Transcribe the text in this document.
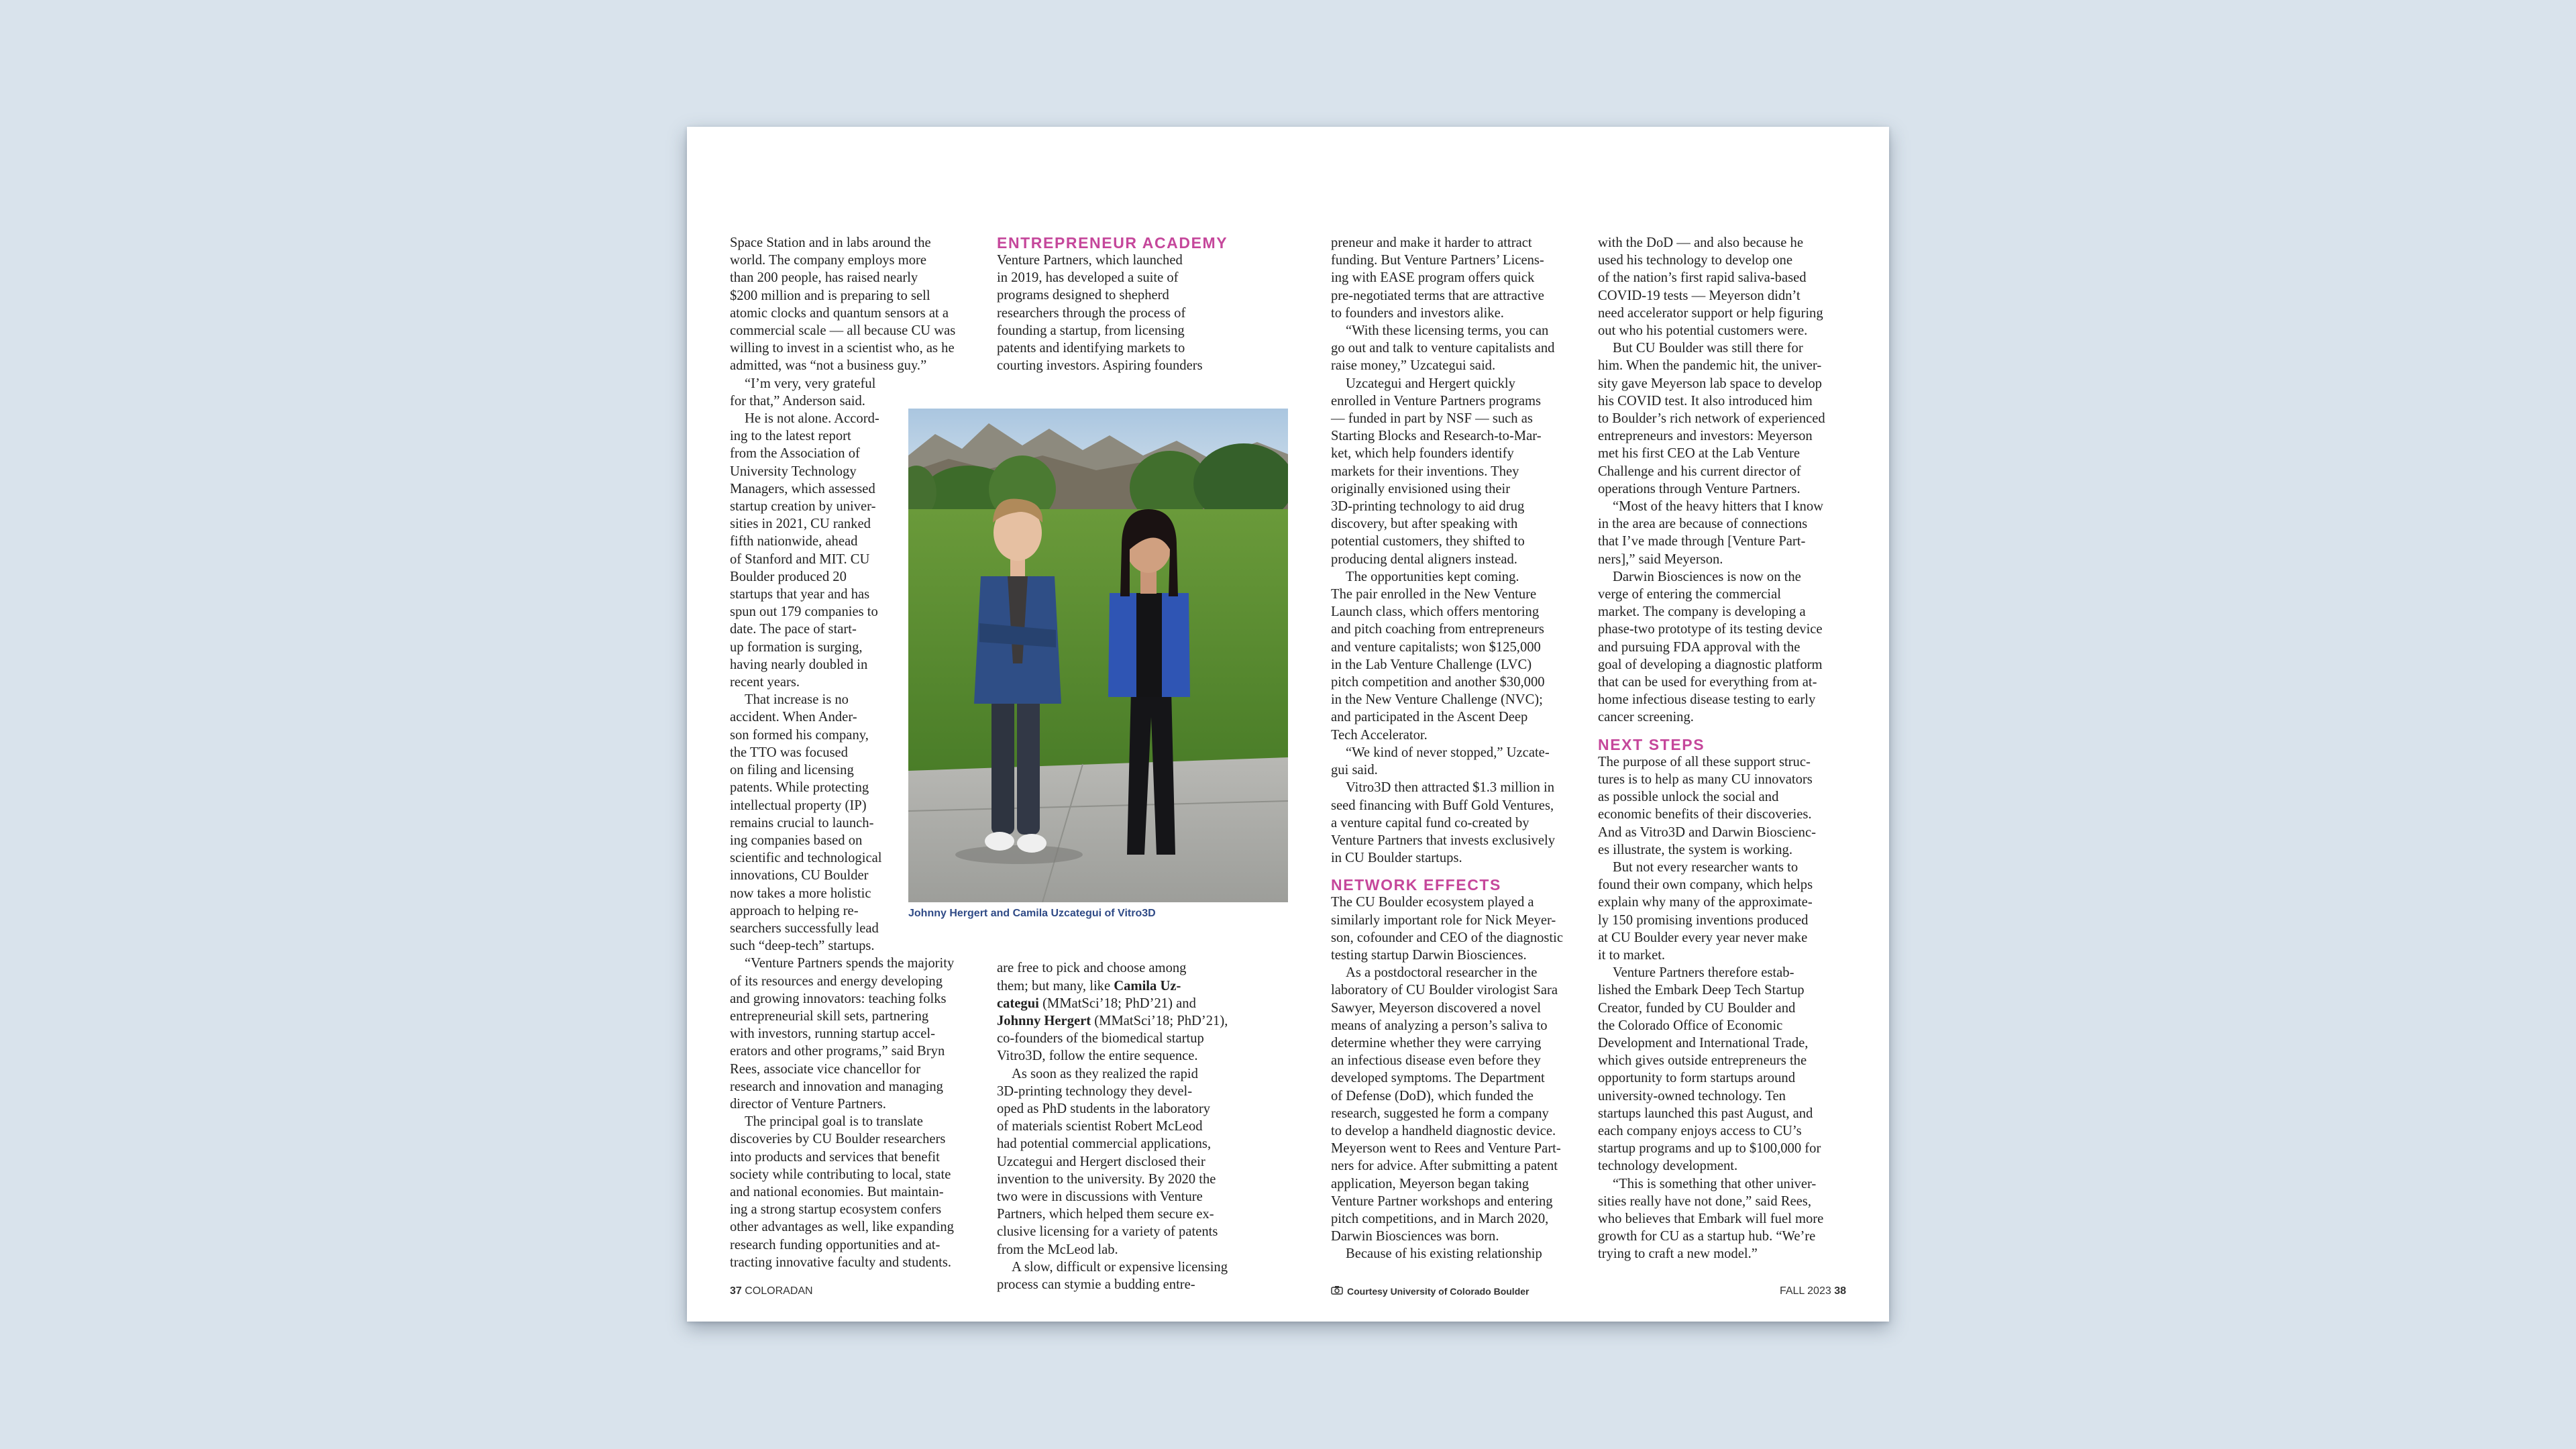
Space Station and in labs around the
world. The company employs more
than 200 people, has raised nearly
$200 million and is preparing to sell
atomic clocks and quantum sensors at a
commercial scale — all because CU was
willing to invest in a scientist who, as he
admitted, was “not a business guy.”

“I’m very, very grateful
for that,” Anderson said.

He is not alone. Accord-
ing to the latest report
from the Association of
University Technology
Managers, which assessed
startup creation by univer-
sities in 2021, CU ranked
fifth nationwide, ahead
of Stanford and MIT. CU
Boulder produced 20
startups that year and has
spun out 179 companies to
date. The pace of start-
up formation is surging,
having nearly doubled in
recent years.

That increase is no
accident. When Ander-
son formed his company,
the TTO was focused
on filing and licensing
patents. While protecting
intellectual property (IP)
remains crucial to launch-
ing companies based on
scientific and technological
innovations, CU Boulder
now takes a more holistic
approach to helping re-
searchers successfully lead
such “deep-tech” startups.

“Venture Partners spends the majority
of its resources and energy developing
and growing innovators: teaching folks
entrepreneurial skill sets, partnering
with investors, running startup accel-
erators and other programs,” said Bryn
Rees, associate vice chancellor for
research and innovation and managing
director of Venture Partners.

The principal goal is to translate
discoveries by CU Boulder researchers
into products and services that benefit
society while contributing to local, state
and national economies. But maintain-
ing a strong startup ecosystem confers
other advantages as well, like expanding
research funding opportunities and at-
tracting innovative faculty and students.

ENTREPRENEUR ACADEMY

Venture Partners, which launched
in 2019, has developed a suite of
programs designed to shepherd
researchers through the process of
founding a startup, from licensing
patents and identifying markets to
courting investors. Aspiring founders

are free to pick and choose among
them; but many, like Camila Uz-
categui (MMatSci’18; PhD’21) and
Johnny Hergert (MMatSci’18; PhD’21),
co-founders of the biomedical startup
Vitro3D, follow the entire sequence.

As soon as they realized the rapid
3D-printing technology they devel-
oped as PhD students in the laboratory
of materials scientist Robert McLeod
had potential commercial applications,
Uzcategui and Hergert disclosed their
invention to the university. By 2020 the
two were in discussions with Venture
Partners, which helped them secure ex-
clusive licensing for a variety of patents
from the McLeod lab.

A slow, difficult or expensive licensing
process can stymie a budding entre-

Johnny Hergert and Camila Uzcategui of Vitro3D

preneur and make it harder to attract
funding. But Venture Partners’ Licens-
ing with EASE program offers quick
pre-negotiated terms that are attractive
to founders and investors alike.

“With these licensing terms, you can
go out and talk to venture capitalists and
raise money,” Uzcategui said.

Uzcategui and Hergert quickly
enrolled in Venture Partners programs
— funded in part by NSF — such as
Starting Blocks and Research-to-Mar-
ket, which help founders identify
markets for their inventions. They
originally envisioned using their
3D-printing technology to aid drug
discovery, but after speaking with
potential customers, they shifted to
producing dental aligners instead.

The opportunities kept coming.
The pair enrolled in the New Venture
Launch class, which offers mentoring
and pitch coaching from entrepreneurs
and venture capitalists; won $125,000
in the Lab Venture Challenge (LVC)
pitch competition and another $30,000
in the New Venture Challenge (NVC);
and participated in the Ascent Deep
Tech Accelerator.

“We kind of never stopped,” Uzcate-
gui said.

Vitro3D then attracted $1.3 million in
seed financing with Buff Gold Ventures,
a venture capital fund co-created by
Venture Partners that invests exclusively
in CU Boulder startups.

NETWORK EFFECTS

The CU Boulder ecosystem played a
similarly important role for Nick Meyer-
son, cofounder and CEO of the diagnostic
testing startup Darwin Biosciences.

As a postdoctoral researcher in the
laboratory of CU Boulder virologist Sara
Sawyer, Meyerson discovered a novel
means of analyzing a person’s saliva to
determine whether they were carrying
an infectious disease even before they
developed symptoms. The Department
of Defense (DoD), which funded the
research, suggested he form a company
to develop a handheld diagnostic device.
Meyerson went to Rees and Venture Part-
ners for advice. After submitting a patent
application, Meyerson began taking
Venture Partner workshops and entering
pitch competitions, and in March 2020,
Darwin Biosciences was born.

Because of his existing relationship

with the DoD — and also because he
used his technology to develop one
of the nation’s first rapid saliva-based
COVID-19 tests — Meyerson didn’t
need accelerator support or help figuring
out who his potential customers were.

But CU Boulder was still there for
him. When the pandemic hit, the univer-
sity gave Meyerson lab space to develop
his COVID test. It also introduced him
to Boulder’s rich network of experienced
entrepreneurs and investors: Meyerson
met his first CEO at the Lab Venture
Challenge and his current director of
operations through Venture Partners.

“Most of the heavy hitters that I know
in the area are because of connections
that I’ve made through [Venture Part-
ners],” said Meyerson.

Darwin Biosciences is now on the
verge of entering the commercial
market. The company is developing a
phase-two prototype of its testing device
and pursuing FDA approval with the
goal of developing a diagnostic platform
that can be used for everything from at-
home infectious disease testing to early
cancer screening.

NEXT STEPS

The purpose of all these support struc-
tures is to help as many CU innovators
as possible unlock the social and
economic benefits of their discoveries.
And as Vitro3D and Darwin Bioscienc-
es illustrate, the system is working.

But not every researcher wants to
found their own company, which helps
explain why many of the approximate-
ly 150 promising inventions produced
at CU Boulder every year never make
it to market.

Venture Partners therefore estab-
lished the Embark Deep Tech Startup
Creator, funded by CU Boulder and
the Colorado Office of Economic
Development and International Trade,
which gives outside entrepreneurs the
opportunity to form startups around
university-owned technology. Ten
startups launched this past August, and
each company enjoys access to CU’s
startup programs and up to $100,000 for
technology development.

“This is something that other univer-
sities really have not done,” said Rees,
who believes that Embark will fuel more
growth for CU as a startup hub. “We’re
trying to craft a new model.”

37 COLORADAN	Courtesy University of Colorado Boulder	FALL 2023 38
